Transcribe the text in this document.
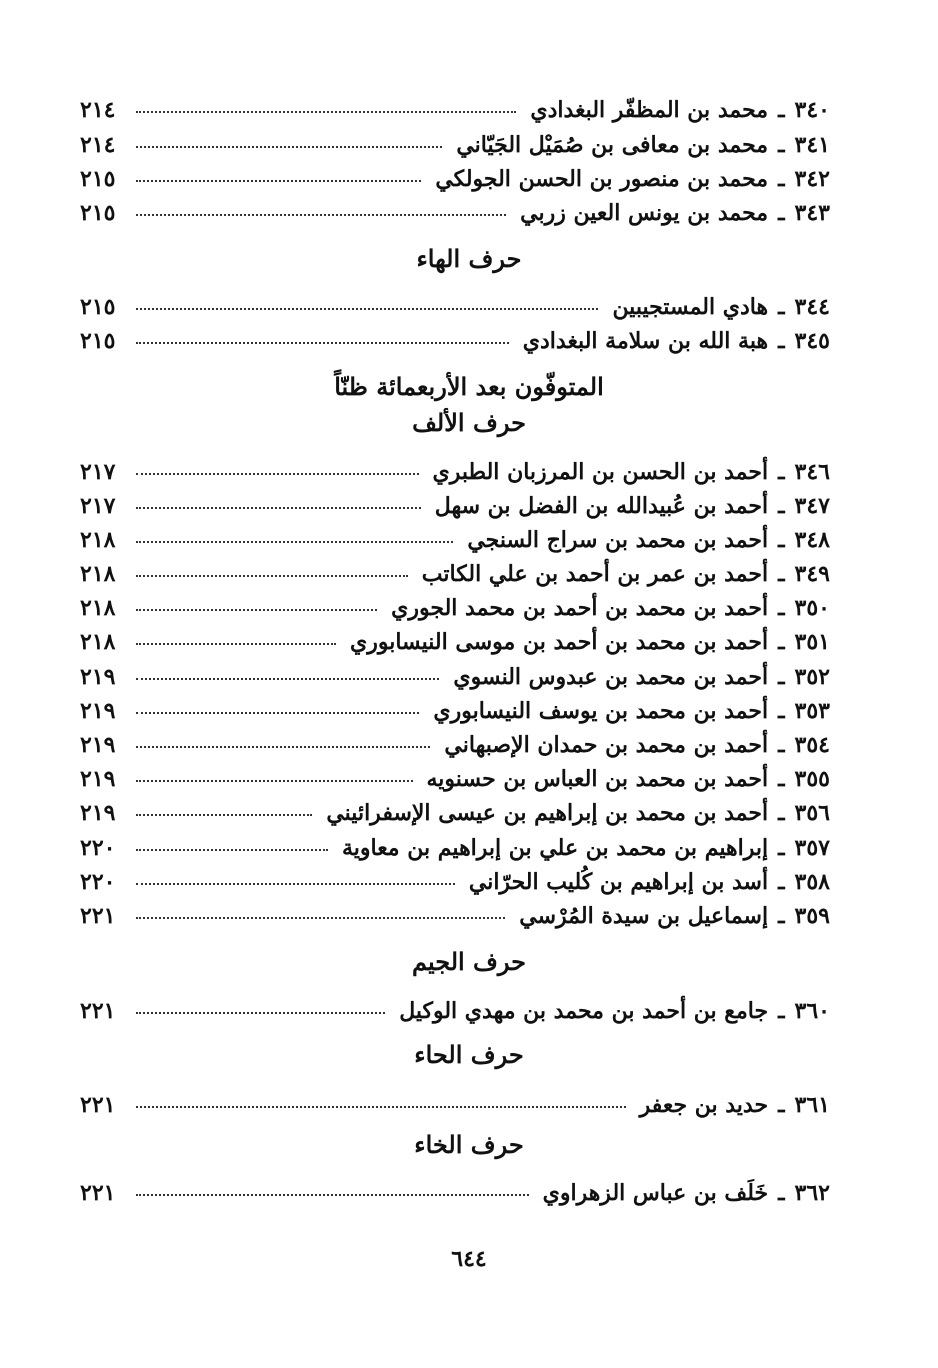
٣٤٠
ـ
محمد بن المظفّر البغدادي
٢١٤
٣٤١
ـ
محمد بن معافى بن صُمَيْل الجَيّاني
٢١٤
٣٤٢
ـ
محمد بن منصور بن الحسن الجولكي
٢١٥
٣٤٣
ـ
محمد بن يونس العين زربي
٢١٥
حرف الهاء
٣٤٤
ـ
هادي المستجيبين
٢١٥
٣٤٥
ـ
هبة الله بن سلامة البغدادي
٢١٥
المتوفّون بعد الأربعمائة ظنّاً
حرف الألف
٣٤٦
ـ
أحمد بن الحسن بن المرزبان الطبري
٢١٧
٣٤٧
ـ
أحمد بن عُبيدالله بن الفضل بن سهل
٢١٧
٣٤٨
ـ
أحمد بن محمد بن سراج السنجي
٢١٨
٣٤٩
ـ
أحمد بن عمر بن أحمد بن علي الكاتب
٢١٨
٣٥٠
ـ
أحمد بن محمد بن أحمد بن محمد الجوري
٢١٨
٣٥١
ـ
أحمد بن محمد بن أحمد بن موسى النيسابوري
٢١٨
٣٥٢
ـ
أحمد بن محمد بن عبدوس النسوي
٢١٩
٣٥٣
ـ
أحمد بن محمد بن يوسف النيسابوري
٢١٩
٣٥٤
ـ
أحمد بن محمد بن حمدان الإصبهاني
٢١٩
٣٥٥
ـ
أحمد بن محمد بن العباس بن حسنويه
٢١٩
٣٥٦
ـ
أحمد بن محمد بن إبراهيم بن عيسى الإسفرائيني
٢١٩
٣٥٧
ـ
إبراهيم بن محمد بن علي بن إبراهيم بن معاوية
٢٢٠
٣٥٨
ـ
أسد بن إبراهيم بن كُليب الحرّاني
٢٢٠
٣٥٩
ـ
إسماعيل بن سيدة المُرْسي
٢٢١
حرف الجيم
٣٦٠
ـ
جامع بن أحمد بن محمد بن مهدي الوكيل
٢٢١
حرف الحاء
٣٦١
ـ
حديد بن جعفر
٢٢١
حرف الخاء
٣٦٢
ـ
خَلَف بن عباس الزهراوي
٢٢١
٦٤٤
